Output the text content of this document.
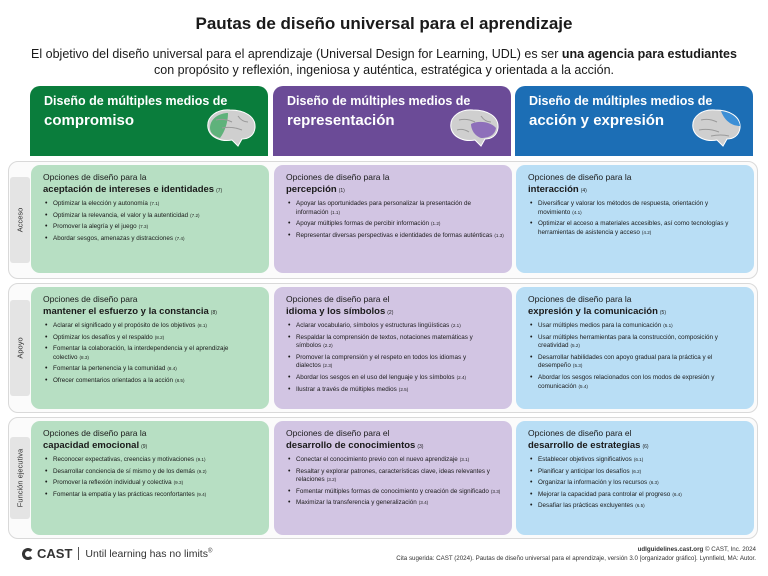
Pautas de diseño universal para el aprendizaje
El objetivo del diseño universal para el aprendizaje (Universal Design for Learning, UDL) es ser una agencia para estudiantes
con propósito y reflexión, ingeniosa y auténtica, estratégica y orientada a la acción.
Diseño de múltiples medios de
compromiso
Diseño de múltiples medios de
representación
Diseño de múltiples medios de
acción y expresión
Acceso
Apoyo
Función ejecutiva
Opciones de diseño para la
aceptación de intereses e identidades (7)
• Optimizar la elección y autonomía (7.1)
• Optimizar la relevancia, el valor y la autenticidad (7.2)
• Promover la alegría y el juego (7.3)
• Abordar sesgos, amenazas y distracciones (7.4)
Opciones de diseño para la
percepción (1)
• Apoyar las oportunidades para personalizar la presentación de información (1.1)
• Apoyar múltiples formas de percibir información (1.2)
• Representar diversas perspectivas e identidades de formas auténticas (1.3)
Opciones de diseño para la
interacción (4)
• Diversificar y valorar los métodos de respuesta, orientación y movimiento (4.1)
• Optimizar el acceso a materiales accesibles, así como tecnologías y herramientas de asistencia y acceso (4.2)
Opciones de diseño para
mantener el esfuerzo y la constancia (8)
• Aclarar el significado y el propósito de los objetivos (8.1)
• Optimizar los desafíos y el respaldo (8.2)
• Fomentar la colaboración, la interdependencia y el aprendizaje colectivo (8.3)
• Fomentar la pertenencia y la comunidad (8.4)
• Ofrecer comentarios orientados a la acción (8.5)
Opciones de diseño para el
idioma y los símbolos (2)
• Aclarar vocabulario, símbolos y estructuras lingüísticas (2.1)
• Respaldar la comprensión de textos, notaciones matemáticas y símbolos (2.2)
• Promover la comprensión y el respeto en todos los idiomas y dialectos (2.3)
• Abordar los sesgos en el uso del lenguaje y los símbolos (2.4)
• Ilustrar a través de múltiples medios (2.5)
Opciones de diseño para la
expresión y la comunicación (5)
• Usar múltiples medios para la comunicación (5.1)
• Usar múltiples herramientas para la construcción, composición y creatividad (5.2)
• Desarrollar habilidades con apoyo gradual para la práctica y el desempeño (5.3)
• Abordar los sesgos relacionados con los modos de expresión y comunicación (5.4)
Opciones de diseño para la
capacidad emocional (9)
• Reconocer expectativas, creencias y motivaciones (9.1)
• Desarrollar conciencia de sí mismo y de los demás (9.2)
• Promover la reflexión individual y colectiva (9.3)
• Fomentar la empatía y las prácticas reconfortantes (9.4)
Opciones de diseño para el
desarrollo de conocimientos (3)
• Conectar el conocimiento previo con el nuevo aprendizaje (3.1)
• Resaltar y explorar patrones, características clave, ideas relevantes y relaciones (3.2)
• Fomentar múltiples formas de conocimiento y creación de significado (3.3)
• Maximizar la transferencia y generalización (3.4)
Opciones de diseño para el
desarrollo de estrategias (6)
• Establecer objetivos significativos (6.1)
• Planificar y anticipar los desafíos (6.2)
• Organizar la información y los recursos (6.3)
• Mejorar la capacidad para controlar el progreso (6.4)
• Desafiar las prácticas excluyentes (6.5)
CAST Until learning has no limits®	udlguidelines.cast.org © CAST, Inc. 2024
Cita sugerida: CAST (2024). Pautas de diseño universal para el aprendizaje, versión 3.0 [organizador gráfico]. Lynnfield, MA: Autor.
